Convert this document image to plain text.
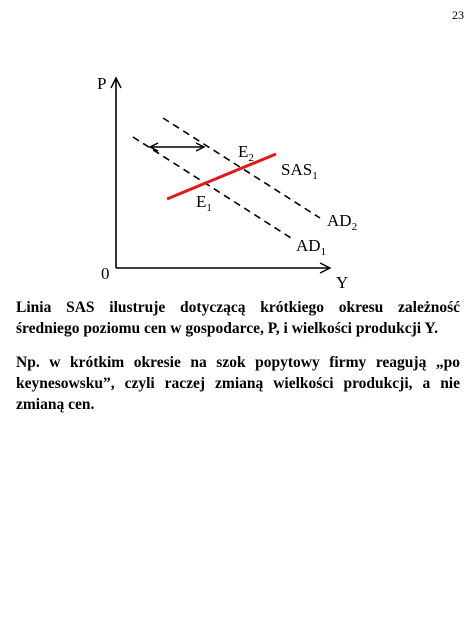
23
P
Y
0
$E_2$
$E_1$
$SAS_1$
$AD_2$
$AD_1$
Linia SAS ilustruje dotyczącą krótkiego okresu zależność średniego poziomu cen w gospodarce, P, i wielkości produkcji Y.
Np. w krótkim okresie na szok popytowy firmy reagują „po keynesowsku”, czyli raczej zmianą wielkości produkcji, a nie zmianą cen.
